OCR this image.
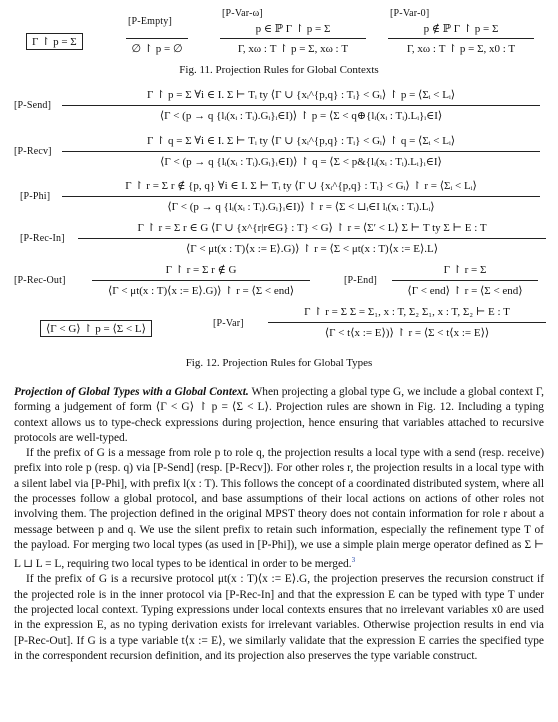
Γ ↾ p = Σ
[P-Empty]
∅ ↾ p = ∅
[P-Var-ω]
p ∈ ℙ Γ ↾ p = Σ
Γ, xω : T ↾ p = Σ, xω : T
[P-Var-0]
p ∉ ℙ Γ ↾ p = Σ
Γ, xω : T ↾ p = Σ, x0 : T
Fig. 11. Projection Rules for Global Contexts
[P-Send]
Γ ↾ p = Σ ∀i ∈ I. Σ ⊢ Tᵢ ty ⟨Γ ∪ {xᵢ^{p,q} : Tᵢ} < Gᵢ⟩ ↾ p = ⟨Σᵢ < Lᵢ⟩
⟨Γ < (p → q {lᵢ(xᵢ : Tᵢ).Gᵢ}ᵢ∈I)⟩ ↾ p = ⟨Σ < q⊕{lᵢ(xᵢ : Tᵢ).Lᵢ}ᵢ∈I⟩
[P-Recv]
Γ ↾ q = Σ ∀i ∈ I. Σ ⊢ Tᵢ ty ⟨Γ ∪ {xᵢ^{p,q} : Tᵢ} < Gᵢ⟩ ↾ q = ⟨Σᵢ < Lᵢ⟩
⟨Γ < (p → q {lᵢ(xᵢ : Tᵢ).Gᵢ}ᵢ∈I)⟩ ↾ q = ⟨Σ < p&{lᵢ(xᵢ : Tᵢ).Lᵢ}ᵢ∈I⟩
[P-Phi]
Γ ↾ r = Σ r ∉ {p, q} ∀i ∈ I. Σ ⊢ Tᵢ ty ⟨Γ ∪ {xᵢ^{p,q} : Tᵢ} < Gᵢ⟩ ↾ r = ⟨Σᵢ < Lᵢ⟩
⟨Γ < (p → q {lᵢ(xᵢ : Tᵢ).Gᵢ}ᵢ∈I)⟩ ↾ r = ⟨Σ < ⊔ᵢ∈I lᵢ(xᵢ : Tᵢ).Lᵢ⟩
[P-Rec-In]
Γ ↾ r = Σ r ∈ G ⟨Γ ∪ {x^{r|r∈G} : T} < G⟩ ↾ r = ⟨Σ′ < L⟩ Σ ⊢ T ty Σ ⊢ E : T
⟨Γ < μt(x : T)⟨x := E⟩.G)⟩ ↾ r = ⟨Σ < μt(x : T)⟨x := E⟩.L⟩
[P-Rec-Out]
Γ ↾ r = Σ r ∉ G
⟨Γ < μt(x : T)⟨x := E⟩.G)⟩ ↾ r = ⟨Σ < end⟩
[P-End]
Γ ↾ r = Σ
⟨Γ < end⟩ ↾ r = ⟨Σ < end⟩
⟨Γ < G⟩ ↾ p = ⟨Σ < L⟩	[P-Var]
Γ ↾ r = Σ Σ = Σ₁, x : T, Σ₂ Σ₁, x : T, Σ₂ ⊢ E : T
⟨Γ < t⟨x := E⟩)⟩ ↾ r = ⟨Σ < t⟨x := E⟩⟩
Fig. 12. Projection Rules for Global Types

Projection of Global Types with a Global Context. When projecting a global type G, we include a global context Γ, forming a judgement of form ⟨Γ < G⟩ ↾ p = ⟨Σ < L⟩. Projection rules are shown in Fig. 12. Including a typing context allows us to type-check expressions during projection, hence ensuring that variables attached to recursive protocols are well-typed.

If the prefix of G is a message from role p to role q, the projection results a local type with a send (resp. receive) prefix into role p (resp. q) via [P-Send] (resp. [P-Recv]). For other roles r, the projection results in a local type with a silent label via [P-Phi], with prefix l(x : T). This follows the concept of a coordinated distributed system, where all the processes follow a global protocol, and base assumptions of their local actions on actions of other roles not involving them. The projection defined in the original MPST theory does not contain information for role r about a message between p and q. We use the silent prefix to retain such information, especially the refinement type T of the payload. For merging two local types (as used in [P-Phi]), we use a simple plain merge operator defined as Σ ⊢ L ⊔ L = L, requiring two local types to be identical in order to be merged.$^3$

If the prefix of G is a recursive protocol μt(x : T)⟨x := E⟩.G, the projection preserves the recursion construct if the projected role is in the inner protocol via [P-Rec-In] and that the expression E can be typed with type T under the projected local context. Typing expressions under local contexts ensures that no irrelevant variables x0 are used in the expression E, as no typing derivation exists for irrelevant variables. Otherwise projection results in end via [P-Rec-Out]. If G is a type variable t⟨x := E⟩, we similarly validate that the expression E carries the specified type in the correspondent recursion definition, and its projection also preserves the type variable construct.
